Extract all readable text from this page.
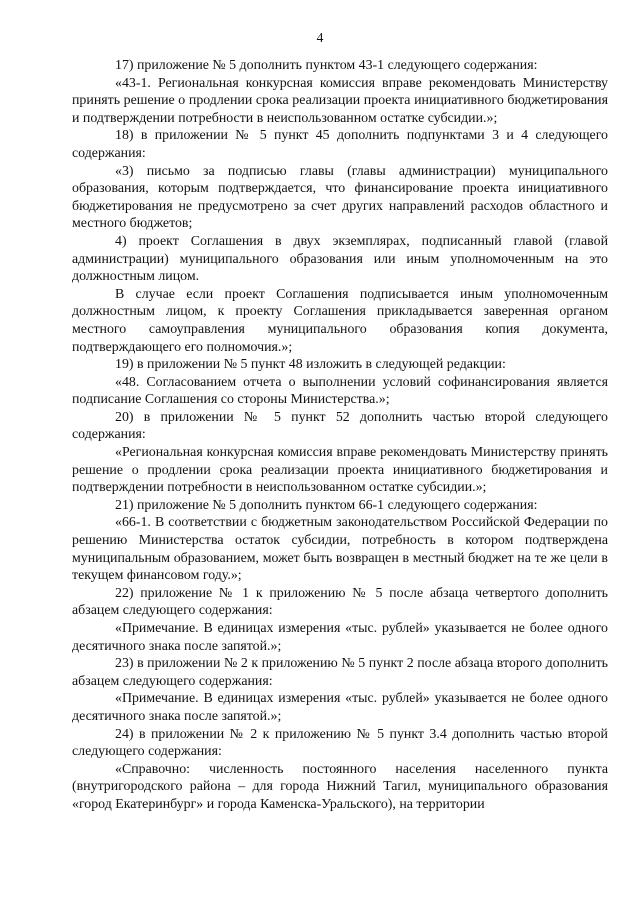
4

17) приложение № 5 дополнить пунктом 43-1 следующего содержания:

«43-1. Региональная конкурсная комиссия вправе рекомендовать Министерству принять решение о продлении срока реализации проекта инициативного бюджетирования и подтверждении потребности в неиспользованном остатке субсидии.»;

18) в приложении № 5 пункт 45 дополнить подпунктами 3 и 4 следующего содержания:

«3) письмо за подписью главы (главы администрации) муниципального образования, которым подтверждается, что финансирование проекта инициативного бюджетирования не предусмотрено за счет других направлений расходов областного и местного бюджетов;

4) проект Соглашения в двух экземплярах, подписанный главой (главой администрации) муниципального образования или иным уполномоченным на это должностным лицом.

В случае если проект Соглашения подписывается иным уполномоченным должностным лицом, к проекту Соглашения прикладывается заверенная органом местного самоуправления муниципального образования копия документа, подтверждающего его полномочия.»;

19) в приложении № 5 пункт 48 изложить в следующей редакции:

«48. Согласованием отчета о выполнении условий софинансирования является подписание Соглашения со стороны Министерства.»;

20) в приложении № 5 пункт 52 дополнить частью второй следующего содержания:

«Региональная конкурсная комиссия вправе рекомендовать Министерству принять решение о продлении срока реализации проекта инициативного бюджетирования и подтверждении потребности в неиспользованном остатке субсидии.»;

21) приложение № 5 дополнить пунктом 66-1 следующего содержания:

«66-1. В соответствии с бюджетным законодательством Российской Федерации по решению Министерства остаток субсидии, потребность в котором подтверждена муниципальным образованием, может быть возвращен в местный бюджет на те же цели в текущем финансовом году.»;

22) приложение № 1 к приложению № 5 после абзаца четвертого дополнить абзацем следующего содержания:

«Примечание. В единицах измерения «тыс. рублей» указывается не более одного десятичного знака после запятой.»;

23) в приложении № 2 к приложению № 5 пункт 2 после абзаца второго дополнить абзацем следующего содержания:

«Примечание. В единицах измерения «тыс. рублей» указывается не более одного десятичного знака после запятой.»;

24) в приложении № 2 к приложению № 5 пункт 3.4 дополнить частью второй следующего содержания:

«Справочно: численность постоянного населения населенного пункта (внутригородского района – для города Нижний Тагил, муниципального образования «город Екатеринбург» и города Каменска-Уральского), на территории
